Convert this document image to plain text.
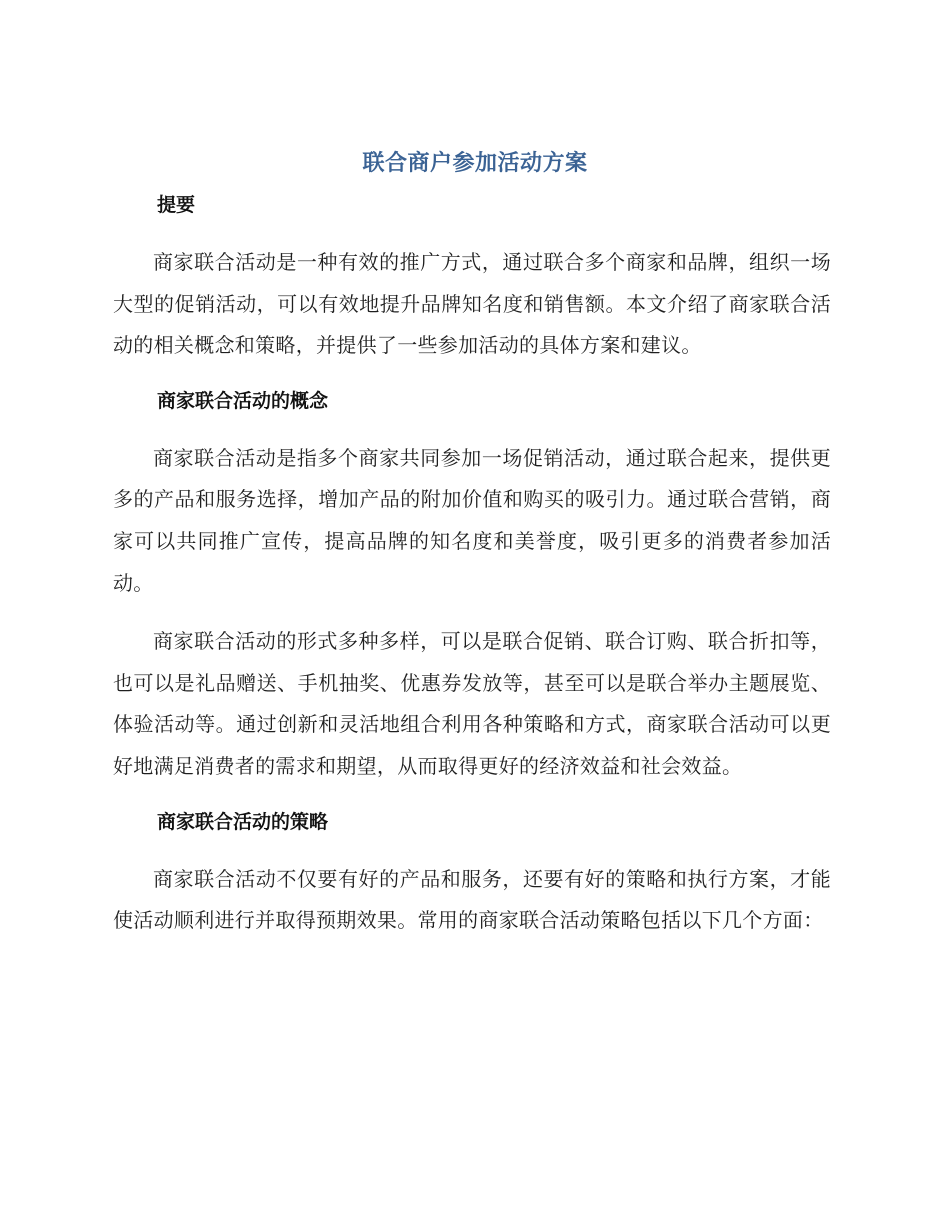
联合商户参加活动方案
提要

商家联合活动是一种有效的推广方式，通过联合多个商家和品牌，组织一场大型的促销活动，可以有效地提升品牌知名度和销售额。本文介绍了商家联合活动的相关概念和策略，并提供了一些参加活动的具体方案和建议。

商家联合活动的概念

商家联合活动是指多个商家共同参加一场促销活动，通过联合起来，提供更多的产品和服务选择，增加产品的附加价值和购买的吸引力。通过联合营销，商家可以共同推广宣传，提高品牌的知名度和美誉度，吸引更多的消费者参加活动。

商家联合活动的形式多种多样，可以是联合促销、联合订购、联合折扣等，也可以是礼品赠送、手机抽奖、优惠券发放等，甚至可以是联合举办主题展览、体验活动等。通过创新和灵活地组合利用各种策略和方式，商家联合活动可以更好地满足消费者的需求和期望，从而取得更好的经济效益和社会效益。

商家联合活动的策略

商家联合活动不仅要有好的产品和服务，还要有好的策略和执行方案，才能使活动顺利进行并取得预期效果。常用的商家联合活动策略包括以下几个方面：
